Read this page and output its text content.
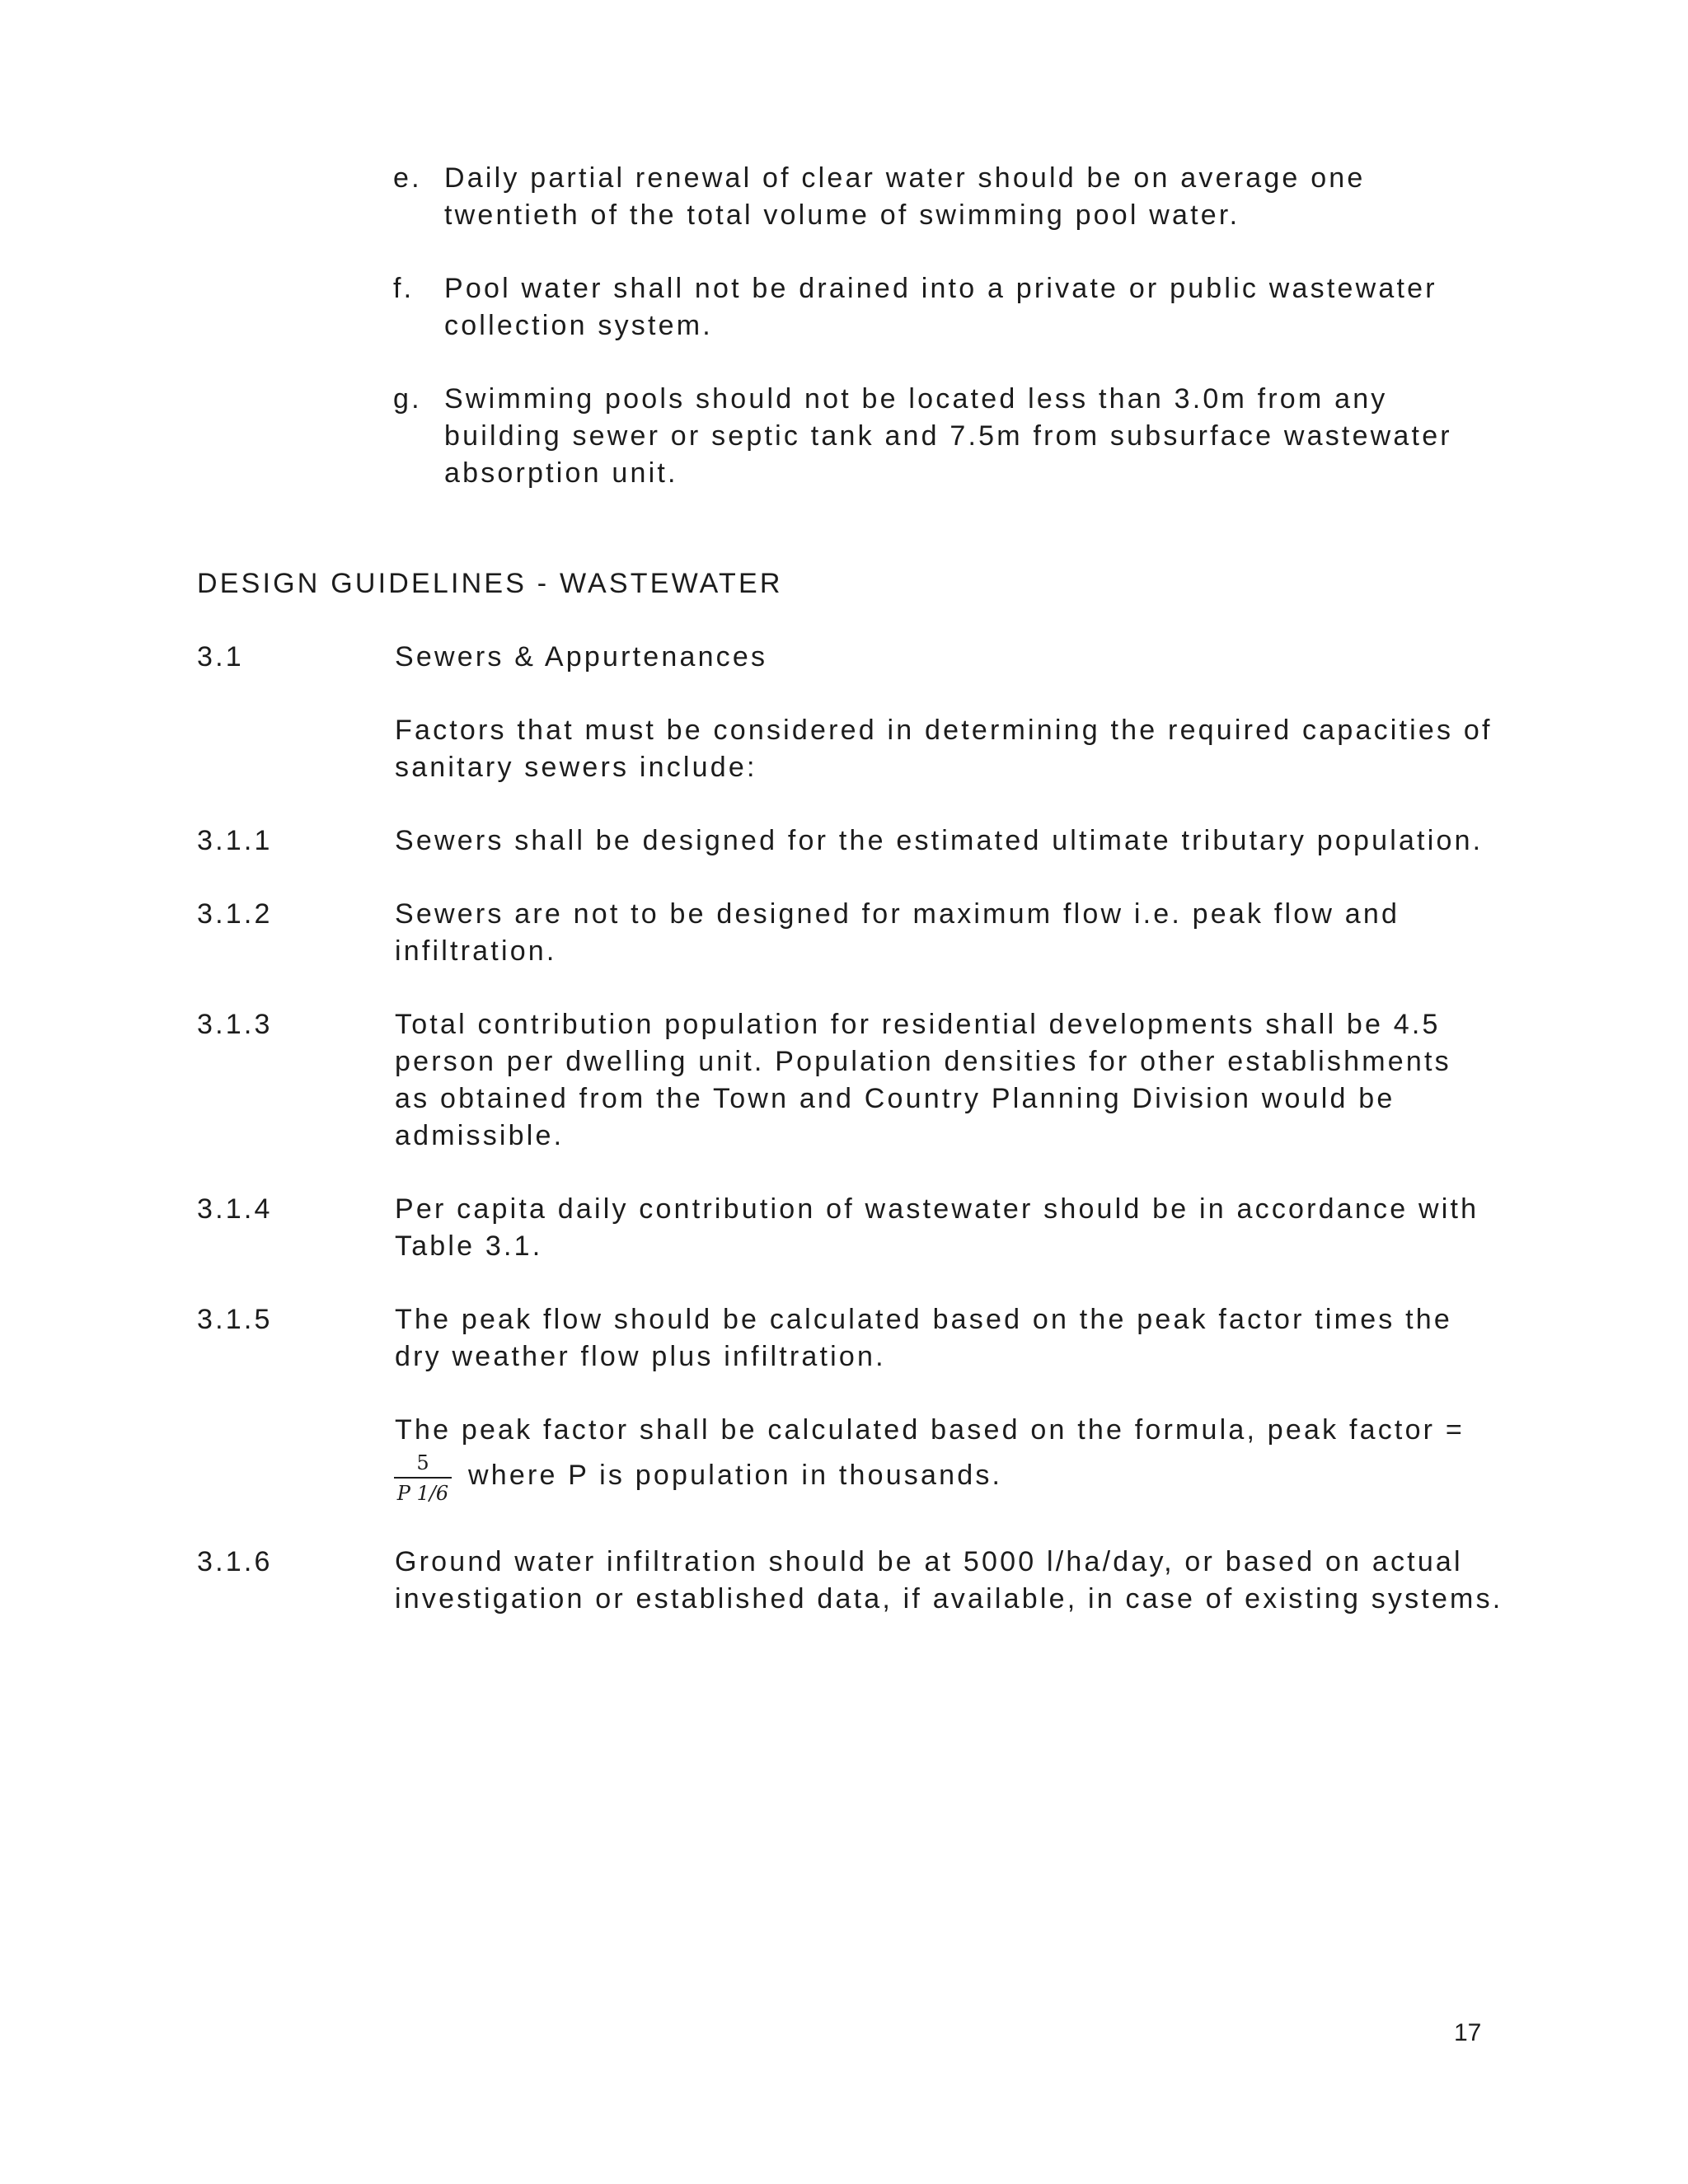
e. Daily partial renewal of clear water should be on average one

twentieth of the total volume of swimming pool water.

f. Pool water shall not be drained into a private or public wastewater

collection system.

g. Swimming pools should not be located less than 3.0m from any

building sewer or septic tank and 7.5m from subsurface wastewater

absorption unit.

DESIGN GUIDELINES - WASTEWATER

3.1	Sewers & Appurtenances

Factors that must be considered in determining the required capacities of

sanitary sewers include:

3.1.1	Sewers shall be designed for the estimated ultimate tributary population.

3.1.2	Sewers are not to be designed for maximum flow i.e. peak flow and

infiltration.

3.1.3	Total contribution population for residential developments shall be 4.5

person per dwelling unit. Population densities for other establishments

as obtained from the Town and Country Planning Division would be

admissible.

3.1.4	Per capita daily contribution of wastewater should be in accordance with

Table 3.1.

3.1.5	The peak flow should be calculated based on the peak factor times the

dry weather flow plus infiltration.

The peak factor shall be calculated based on the formula, peak factor =

5
P 1/6

where P is population in thousands.

3.1.6	Ground water infiltration should be at 5000 l/ha/day, or based on actual

investigation or established data, if available, in case of existing systems.

17
